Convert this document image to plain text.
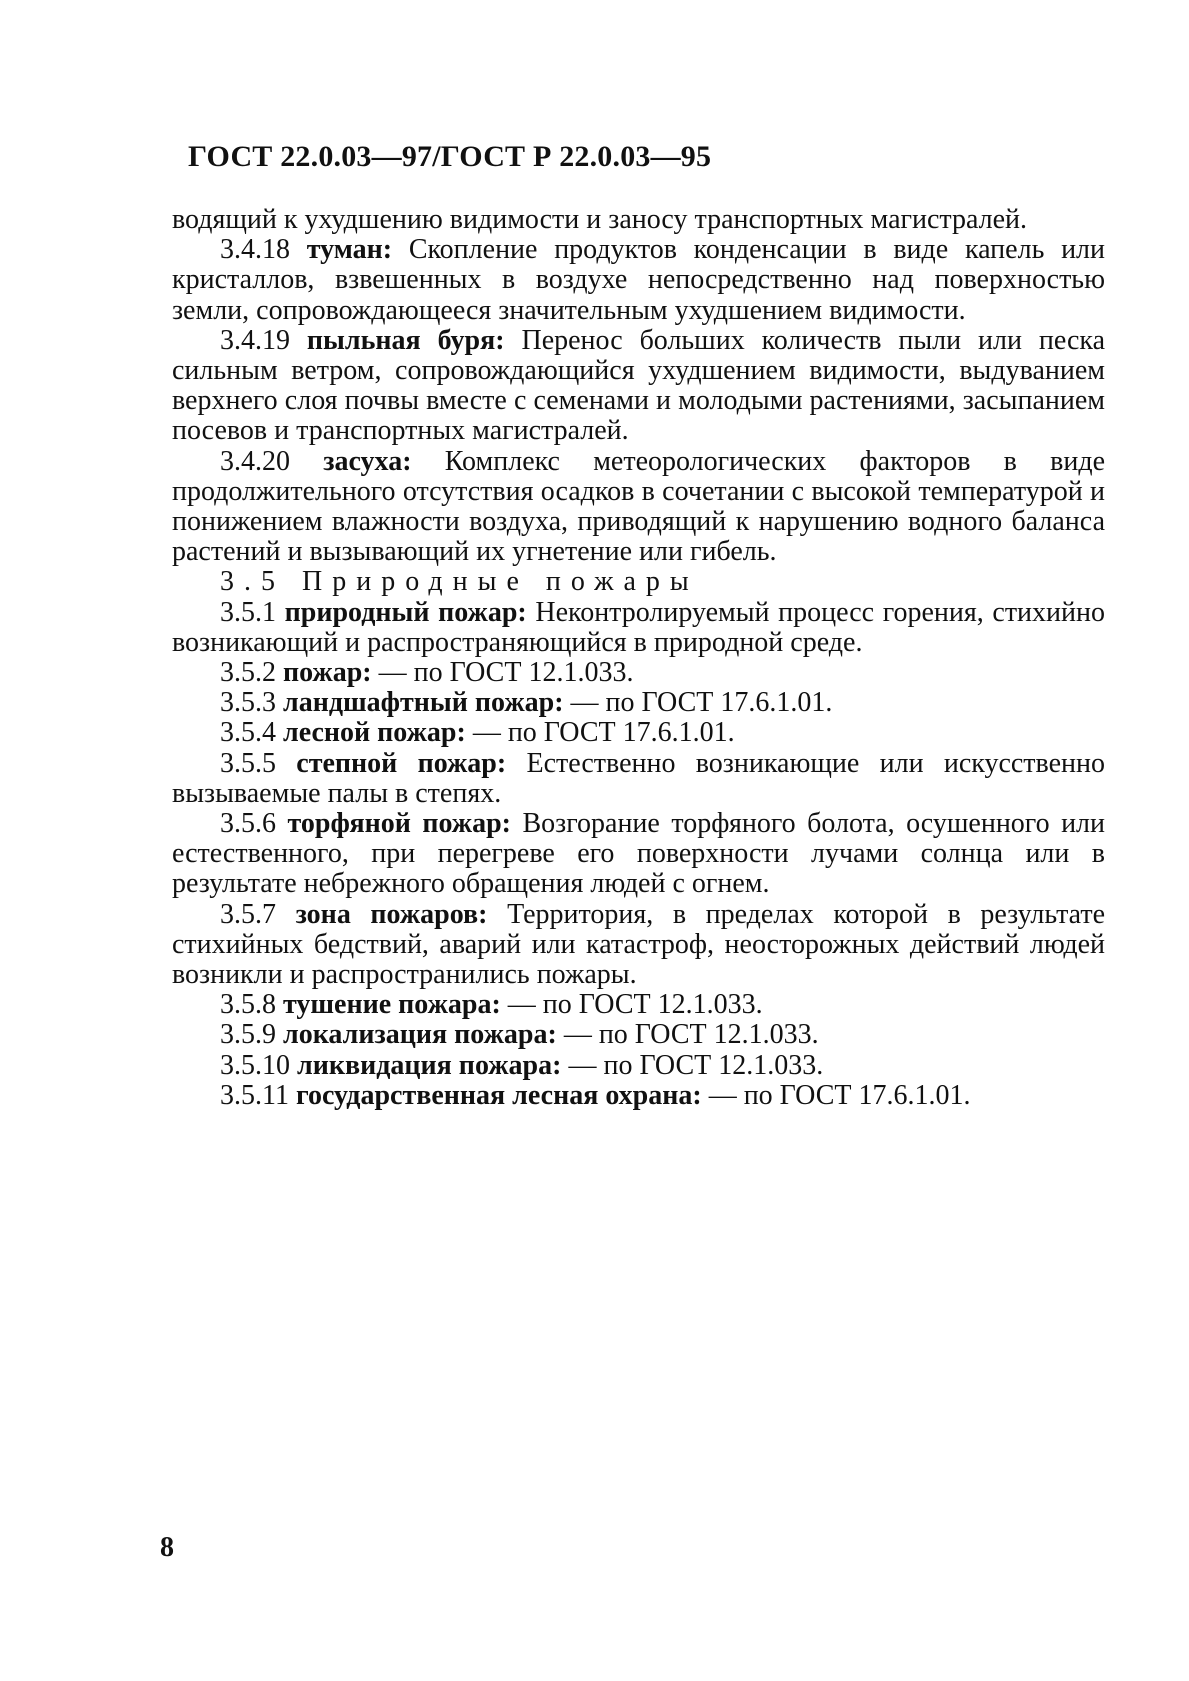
ГОСТ 22.0.03—97/ГОСТ Р 22.0.03—95

водящий к ухудшению видимости и заносу транспортных магистралей.

3.4.18 туман: Скопление продуктов конденсации в виде капель или кристаллов, взвешенных в воздухе непосредственно над поверхностью земли, сопровождающееся значительным ухудшением видимости.

3.4.19 пыльная буря: Перенос больших количеств пыли или песка сильным ветром, сопровождающийся ухудшением видимости, выдуванием верхнего слоя почвы вместе с семенами и молодыми растениями, засыпанием посевов и транспортных магистралей.

3.4.20 засуха: Комплекс метеорологических факторов в виде продолжительного отсутствия осадков в сочетании с высокой температурой и понижением влажности воздуха, приводящий к нарушению водного баланса растений и вызывающий их угнетение или гибель.

3.5 Природные пожары

3.5.1 природный пожар: Неконтролируемый процесс горения, стихийно возникающий и распространяющийся в природной среде.

3.5.2 пожар: — по ГОСТ 12.1.033.

3.5.3 ландшафтный пожар: — по ГОСТ 17.6.1.01.

3.5.4 лесной пожар: — по ГОСТ 17.6.1.01.

3.5.5 степной пожар: Естественно возникающие или искусственно вызываемые палы в степях.

3.5.6 торфяной пожар: Возгорание торфяного болота, осушенного или естественного, при перегреве его поверхности лучами солнца или в результате небрежного обращения людей с огнем.

3.5.7 зона пожаров: Территория, в пределах которой в результате стихийных бедствий, аварий или катастроф, неосторожных действий людей возникли и распространились пожары.

3.5.8 тушение пожара: — по ГОСТ 12.1.033.

3.5.9 локализация пожара: — по ГОСТ 12.1.033.

3.5.10 ликвидация пожара: — по ГОСТ 12.1.033.

3.5.11 государственная лесная охрана: — по ГОСТ 17.6.1.01.

8
